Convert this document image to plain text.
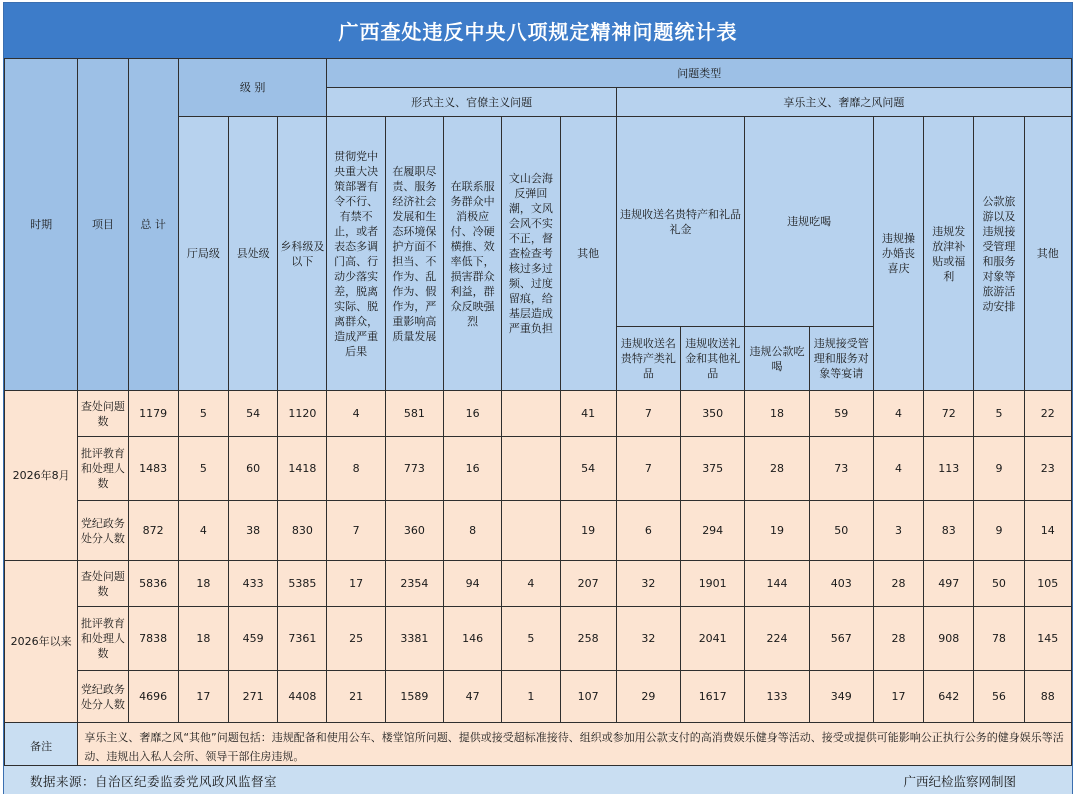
广西查处违反中央八项规定精神问题统计表
时期	项目	总 计	级 别			问题类型												
						形式主义、官僚主义问题					享乐主义、奢靡之风问题							
			厅局级	县处级	乡科级及以下	贯彻党中央重大决策部署有令不行、有禁不止，或者表态多调门高、行动少落实差，脱离实际、脱离群众，造成严重后果	在履职尽责、服务经济社会发展和生态环境保护方面不担当、不作为、乱作为、假作为，严重影响高质量发展	在联系服务群众中消极应付、冷硬横推、效率低下，损害群众利益，群众反映强烈	文山会海反弹回潮，文风会风不实不正，督查检查考核过多过频、过度留痕，给基层造成严重负担	其他	违规收送名贵特产和礼品礼金		违规吃喝		违规操办婚丧喜庆	违规发放津补贴或福利	公款旅游以及违规接受管理和服务对象等旅游活动安排	其他
											违规收送名贵特产类礼品	违规收送礼金和其他礼品	违规公款吃喝	违规接受管理和服务对象等宴请				
2026年8月	查处问题数	1179	5	54	1120	4	581	16		41	7	350	18	59	4	72	5	22
	批评教育和处理人数	1483	5	60	1418	8	773	16		54	7	375	28	73	4	113	9	23
	党纪政务处分人数	872	4	38	830	7	360	8		19	6	294	19	50	3	83	9	14
2026年以来	查处问题数	5836	18	433	5385	17	2354	94	4	207	32	1901	144	403	28	497	50	105
	批评教育和处理人数	7838	18	459	7361	25	3381	146	5	258	32	2041	224	567	28	908	78	145
	党纪政务处分人数	4696	17	271	4408	21	1589	47	1	107	29	1617	133	349	17	642	56	88
备注	享乐主义、奢靡之风“其他”问题包括：违规配备和使用公车、楼堂馆所问题、提供或接受超标准接待、组织或参加用公款支付的高消费娱乐健身等活动、接受或提供可能影响公正执行公务的健身娱乐等活动、违规出入私人会所、领导干部住房违规。																	
数据来源：自治区纪委监委党风政风监督室	广西纪检监察网制图
